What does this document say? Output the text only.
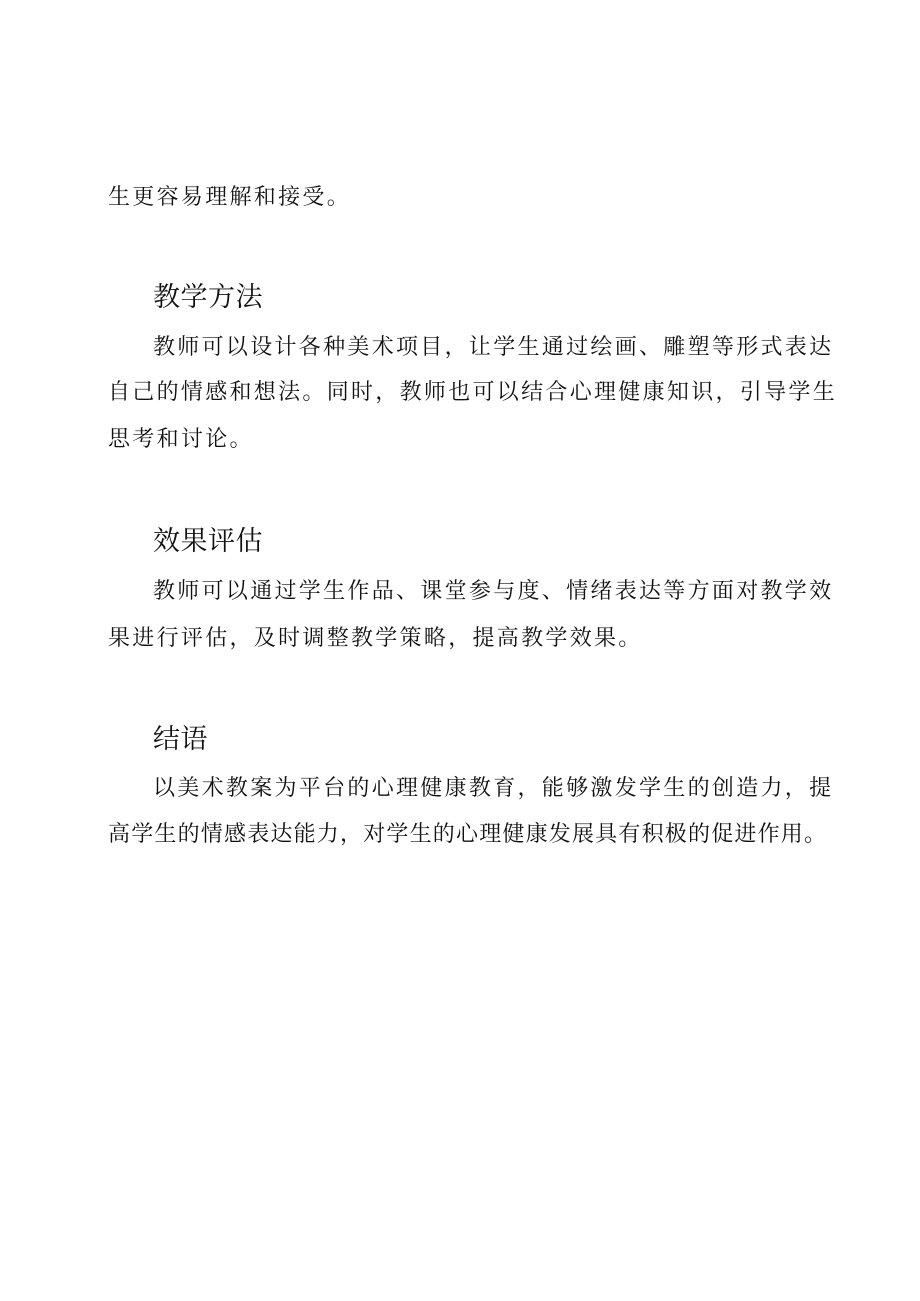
生更容易理解和接受。
教学方法
教师可以设计各种美术项目，让学生通过绘画、雕塑等形式表达
自己的情感和想法。同时，教师也可以结合心理健康知识，引导学生
思考和讨论。
效果评估
教师可以通过学生作品、课堂参与度、情绪表达等方面对教学效
果进行评估，及时调整教学策略，提高教学效果。
结语
以美术教案为平台的心理健康教育，能够激发学生的创造力，提
高学生的情感表达能力，对学生的心理健康发展具有积极的促进作用。
